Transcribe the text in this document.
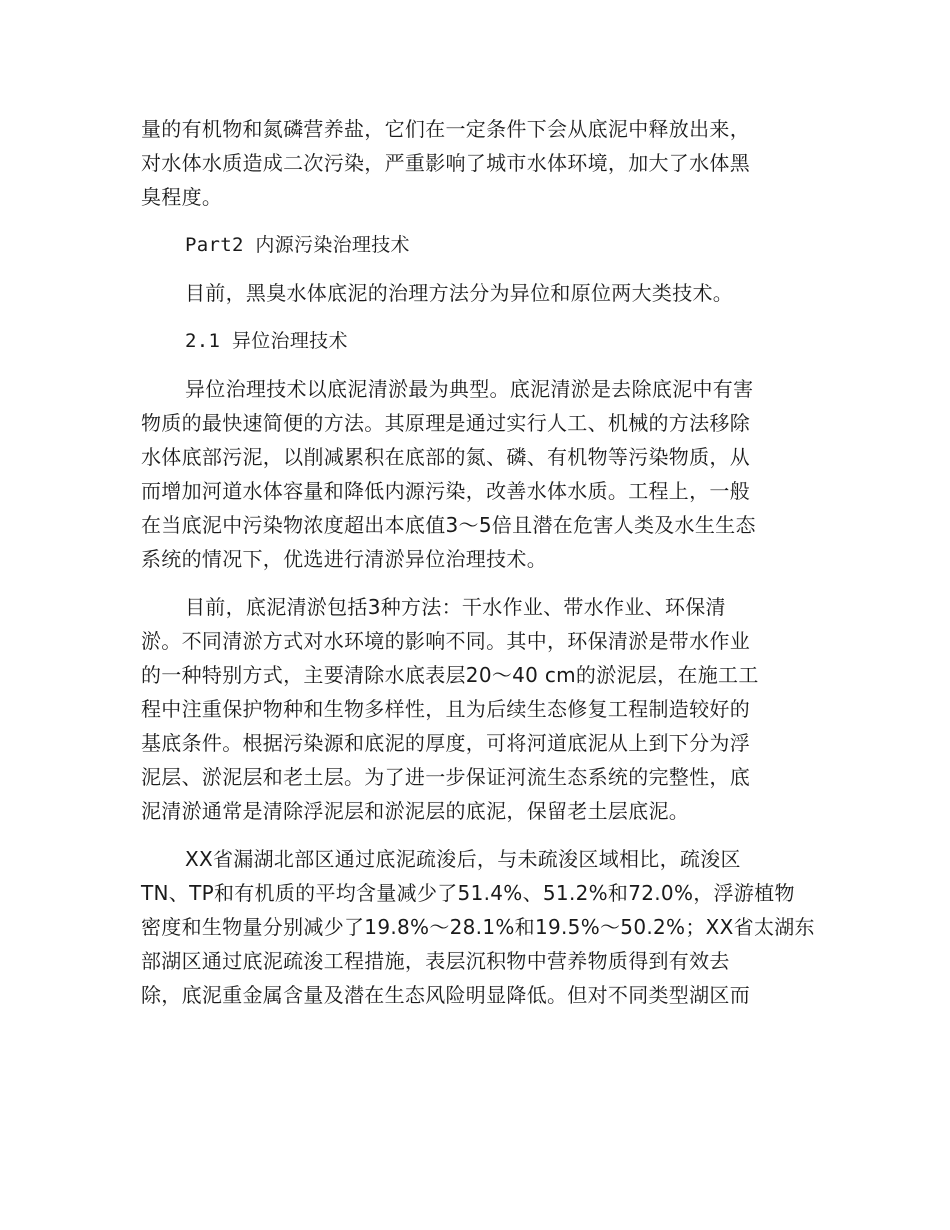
量的有机物和氮磷营养盐，它们在一定条件下会从底泥中释放出来，
对水体水质造成二次污染，严重影响了城市水体环境，加大了水体黑
臭程度。
Part2 内源污染治理技术
目前，黑臭水体底泥的治理方法分为异位和原位两大类技术。
2.1 异位治理技术
异位治理技术以底泥清淤最为典型。底泥清淤是去除底泥中有害
物质的最快速简便的方法。其原理是通过实行人工、机械的方法移除
水体底部污泥，以削减累积在底部的氮、磷、有机物等污染物质，从
而增加河道水体容量和降低内源污染，改善水体水质。工程上，一般
在当底泥中污染物浓度超出本底值3～5倍且潜在危害人类及水生生态
系统的情况下，优选进行清淤异位治理技术。
目前，底泥清淤包括3种方法：干水作业、带水作业、环保清
淤。不同清淤方式对水环境的影响不同。其中，环保清淤是带水作业
的一种特别方式，主要清除水底表层20～40 cm的淤泥层，在施工工
程中注重保护物种和生物多样性，且为后续生态修复工程制造较好的
基底条件。根据污染源和底泥的厚度，可将河道底泥从上到下分为浮
泥层、淤泥层和老土层。为了进一步保证河流生态系统的完整性，底
泥清淤通常是清除浮泥层和淤泥层的底泥，保留老土层底泥。
XX省漏湖北部区通过底泥疏浚后，与未疏浚区域相比，疏浚区
TN、TP和有机质的平均含量减少了51.4%、51.2%和72.0%，浮游植物
密度和生物量分别减少了19.8%～28.1%和19.5%～50.2%；XX省太湖东
部湖区通过底泥疏浚工程措施，表层沉积物中营养物质得到有效去
除，底泥重金属含量及潜在生态风险明显降低。但对不同类型湖区而
